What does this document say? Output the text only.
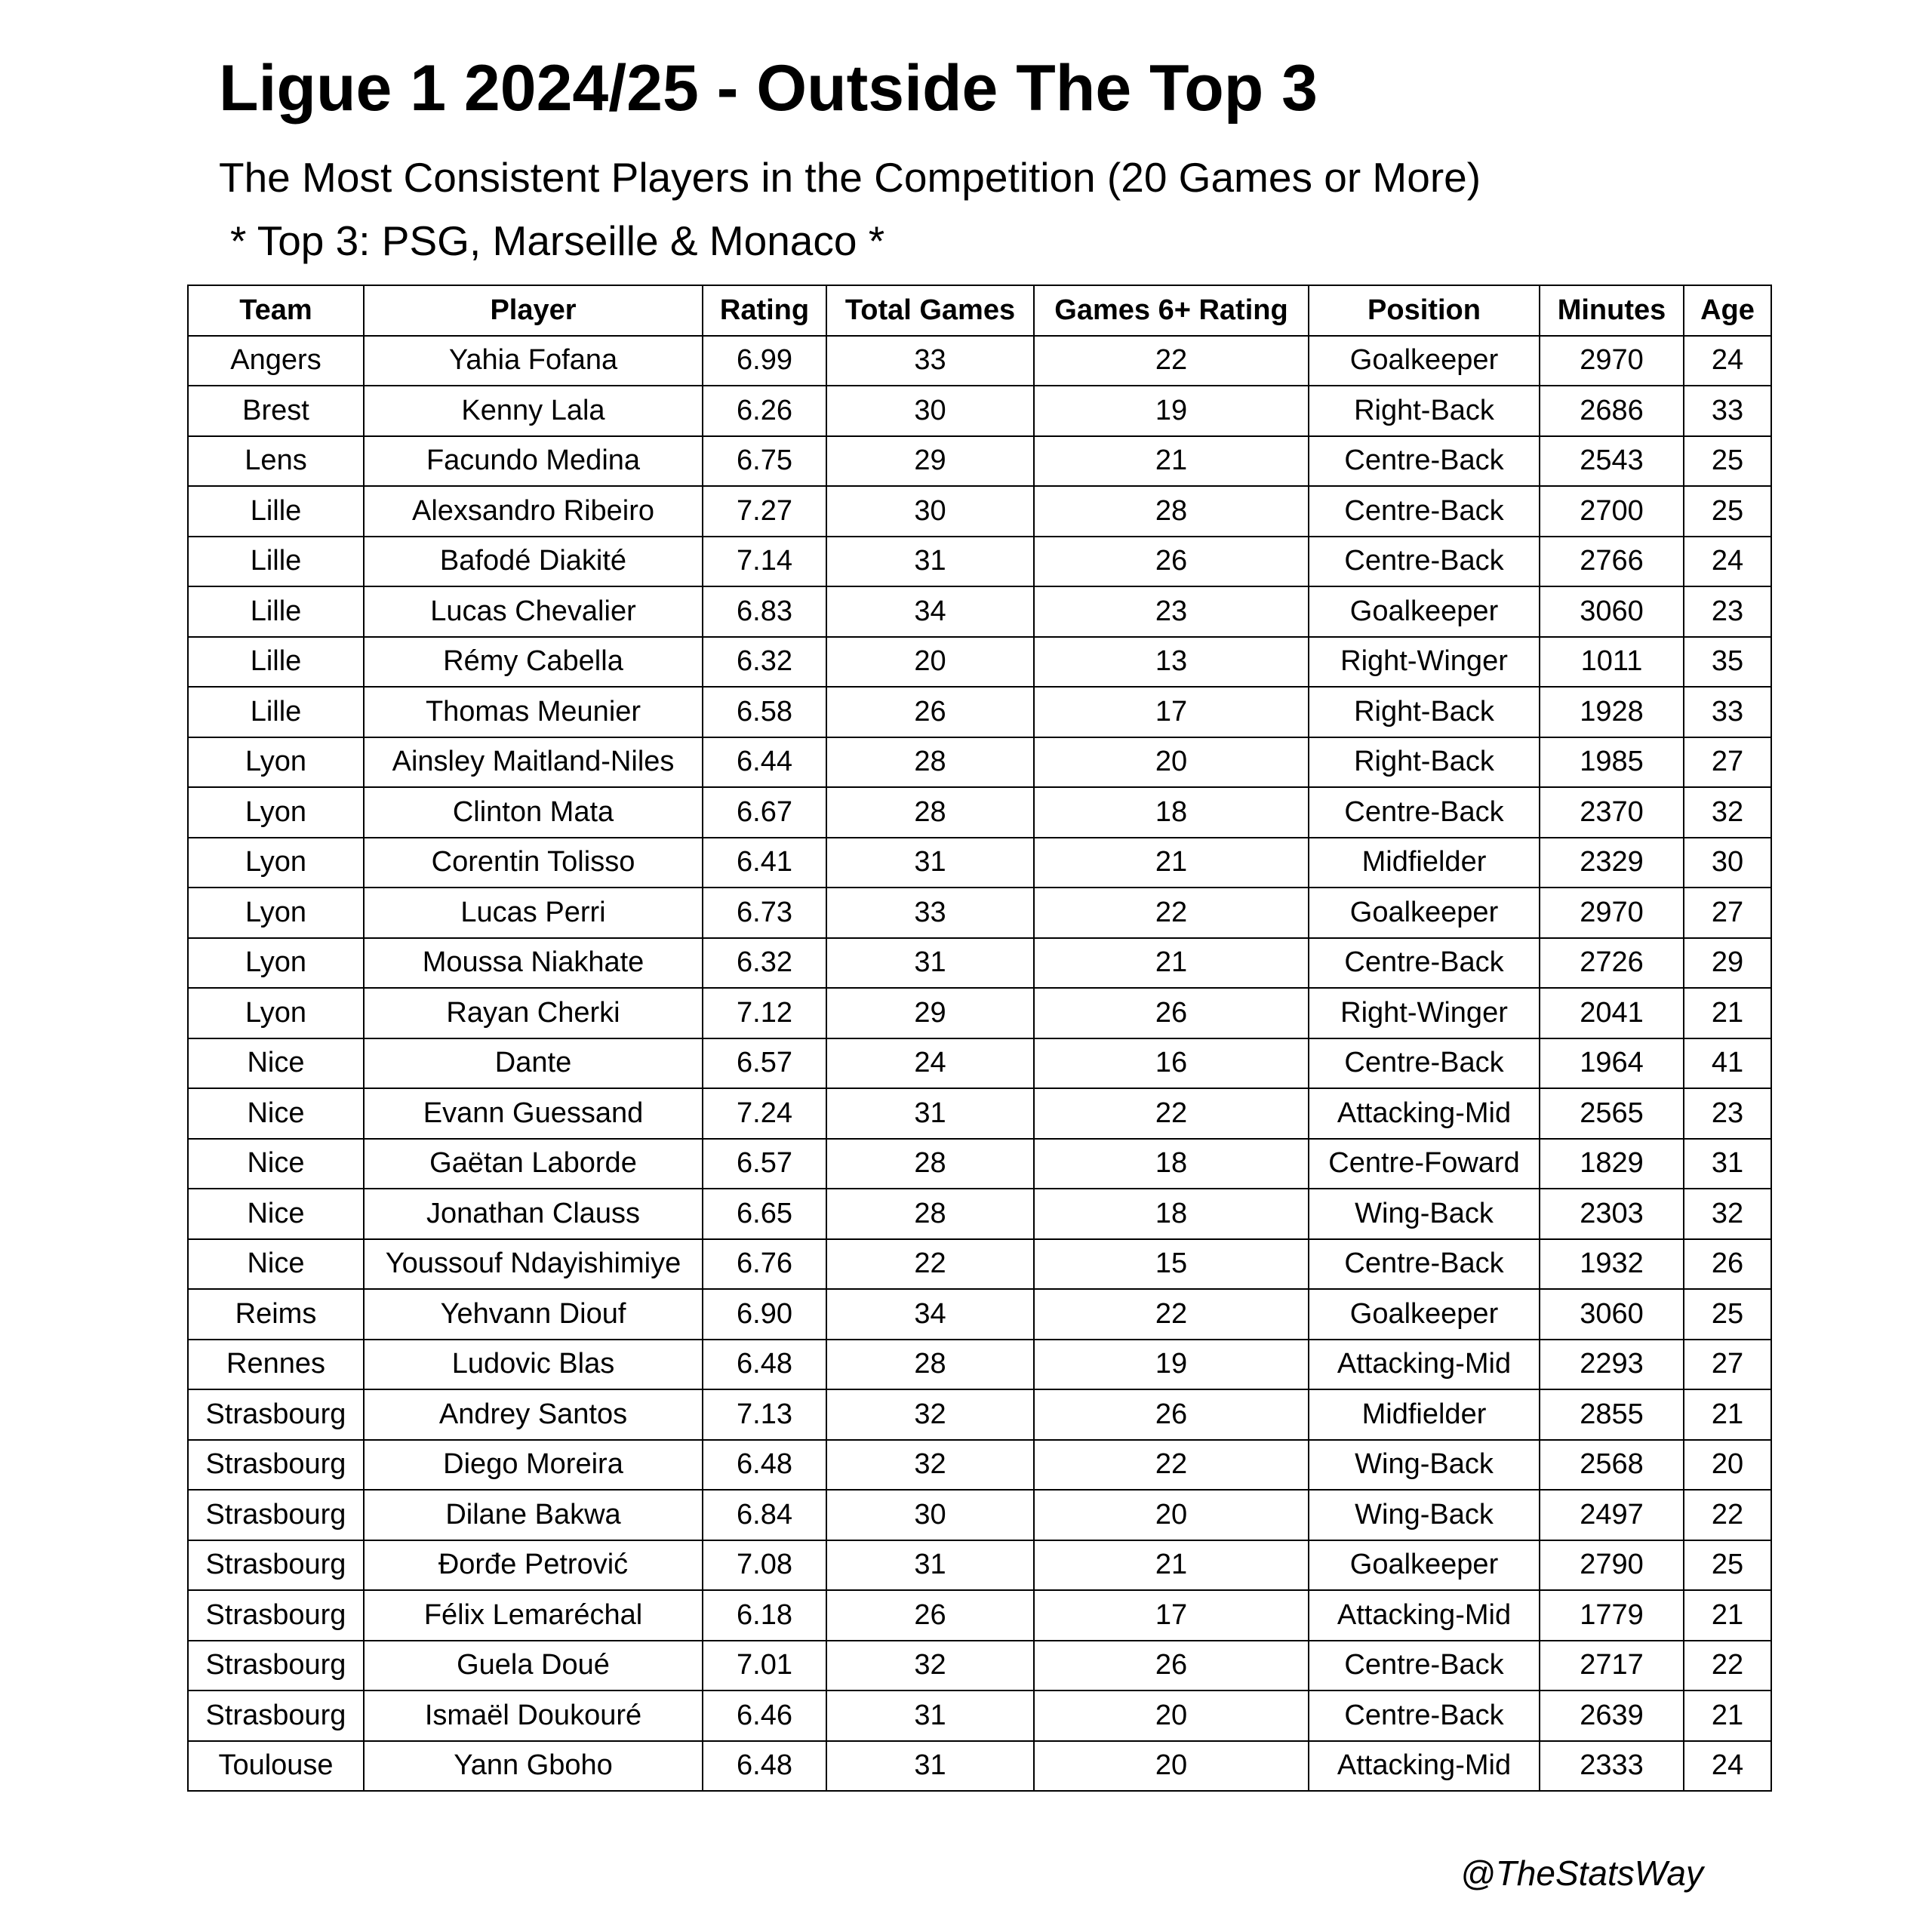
Ligue 1 2024/25 - Outside The Top 3
The Most Consistent Players in the Competition (20 Games or More)
* Top 3: PSG, Marseille & Monaco *
Team	Player	Rating	Total Games	Games 6+ Rating	Position	Minutes	Age
Angers	Yahia Fofana	6.99	33	22	Goalkeeper	2970	24
Brest	Kenny Lala	6.26	30	19	Right-Back	2686	33
Lens	Facundo Medina	6.75	29	21	Centre-Back	2543	25
Lille	Alexsandro Ribeiro	7.27	30	28	Centre-Back	2700	25
Lille	Bafodé Diakité	7.14	31	26	Centre-Back	2766	24
Lille	Lucas Chevalier	6.83	34	23	Goalkeeper	3060	23
Lille	Rémy Cabella	6.32	20	13	Right-Winger	1011	35
Lille	Thomas Meunier	6.58	26	17	Right-Back	1928	33
Lyon	Ainsley Maitland-Niles	6.44	28	20	Right-Back	1985	27
Lyon	Clinton Mata	6.67	28	18	Centre-Back	2370	32
Lyon	Corentin Tolisso	6.41	31	21	Midfielder	2329	30
Lyon	Lucas Perri	6.73	33	22	Goalkeeper	2970	27
Lyon	Moussa Niakhate	6.32	31	21	Centre-Back	2726	29
Lyon	Rayan Cherki	7.12	29	26	Right-Winger	2041	21
Nice	Dante	6.57	24	16	Centre-Back	1964	41
Nice	Evann Guessand	7.24	31	22	Attacking-Mid	2565	23
Nice	Gaëtan Laborde	6.57	28	18	Centre-Foward	1829	31
Nice	Jonathan Clauss	6.65	28	18	Wing-Back	2303	32
Nice	Youssouf Ndayishimiye	6.76	22	15	Centre-Back	1932	26
Reims	Yehvann Diouf	6.90	34	22	Goalkeeper	3060	25
Rennes	Ludovic Blas	6.48	28	19	Attacking-Mid	2293	27
Strasbourg	Andrey Santos	7.13	32	26	Midfielder	2855	21
Strasbourg	Diego Moreira	6.48	32	22	Wing-Back	2568	20
Strasbourg	Dilane Bakwa	6.84	30	20	Wing-Back	2497	22
Strasbourg	Đorđe Petrović	7.08	31	21	Goalkeeper	2790	25
Strasbourg	Félix Lemaréchal	6.18	26	17	Attacking-Mid	1779	21
Strasbourg	Guela Doué	7.01	32	26	Centre-Back	2717	22
Strasbourg	Ismaël Doukouré	6.46	31	20	Centre-Back	2639	21
Toulouse	Yann Gboho	6.48	31	20	Attacking-Mid	2333	24
@TheStatsWay
